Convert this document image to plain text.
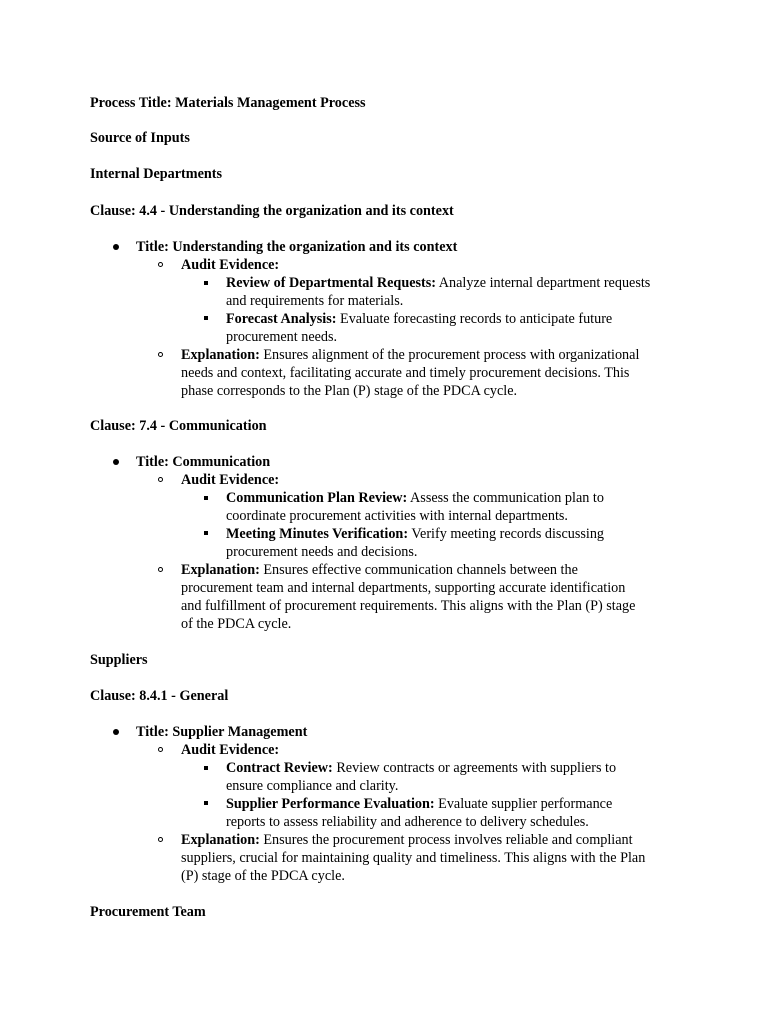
Process Title: Materials Management Process
Source of Inputs
Internal Departments
Clause: 4.4 - Understanding the organization and its context
Title: Understanding the organization and its context
Audit Evidence:
Review of Departmental Requests: Analyze internal department requests
and requirements for materials.
Forecast Analysis: Evaluate forecasting records to anticipate future
procurement needs.
Explanation: Ensures alignment of the procurement process with organizational
needs and context, facilitating accurate and timely procurement decisions. This
phase corresponds to the Plan (P) stage of the PDCA cycle.
Clause: 7.4 - Communication
Title: Communication
Audit Evidence:
Communication Plan Review: Assess the communication plan to
coordinate procurement activities with internal departments.
Meeting Minutes Verification: Verify meeting records discussing
procurement needs and decisions.
Explanation: Ensures effective communication channels between the
procurement team and internal departments, supporting accurate identification
and fulfillment of procurement requirements. This aligns with the Plan (P) stage
of the PDCA cycle.
Suppliers
Clause: 8.4.1 - General
Title: Supplier Management
Audit Evidence:
Contract Review: Review contracts or agreements with suppliers to
ensure compliance and clarity.
Supplier Performance Evaluation: Evaluate supplier performance
reports to assess reliability and adherence to delivery schedules.
Explanation: Ensures the procurement process involves reliable and compliant
suppliers, crucial for maintaining quality and timeliness. This aligns with the Plan
(P) stage of the PDCA cycle.
Procurement Team
